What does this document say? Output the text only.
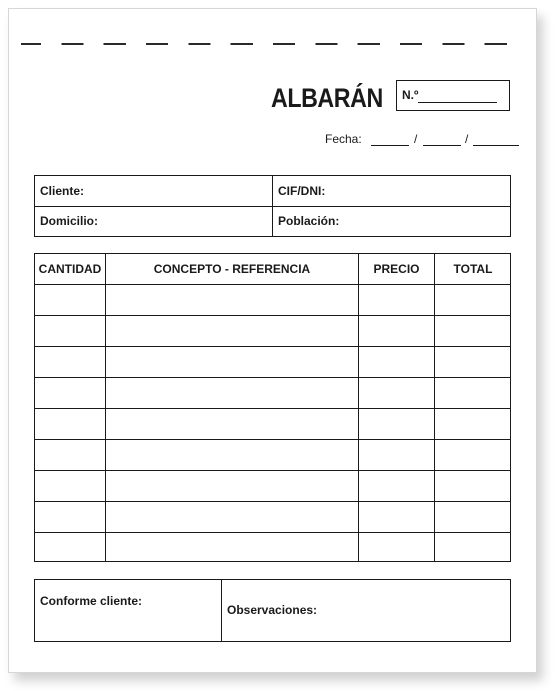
ALBARÁN N.º
Fecha:	/	/
Cliente:	CIF/DNI:
Domicilio:	Población:
CANTIDAD	CONCEPTO - REFERENCIA	PRECIO	TOTAL
Conforme cliente:
Observaciones:
